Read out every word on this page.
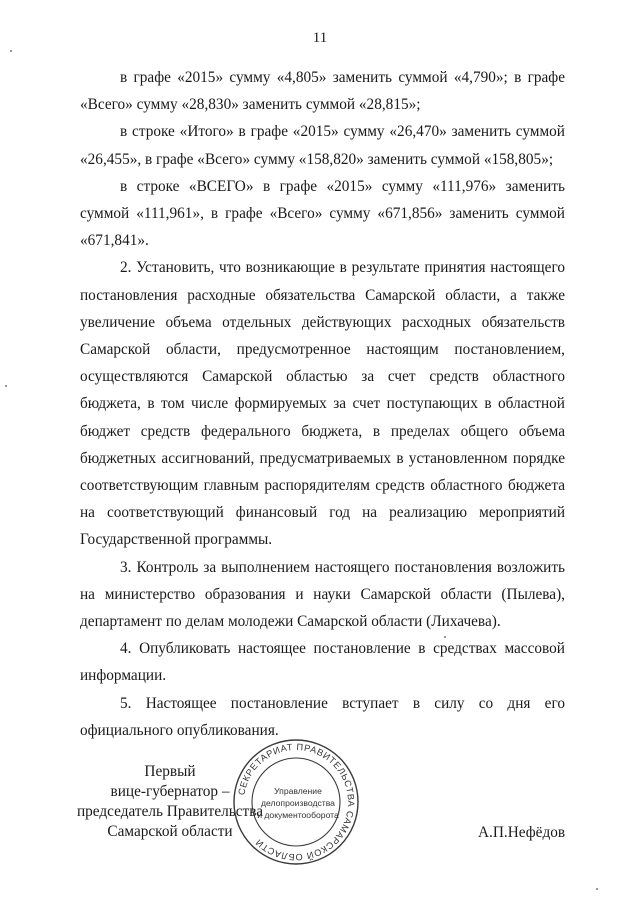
11

в графе «2015» сумму «4,805» заменить суммой «4,790»; в графе «Всего» сумму «28,830» заменить суммой «28,815»;

в строке «Итого» в графе «2015» сумму «26,470» заменить суммой «26,455», в графе «Всего» сумму «158,820» заменить суммой «158,805»;

в строке «ВСЕГО» в графе «2015» сумму «111,976» заменить суммой «111,961», в графе «Всего» сумму «671,856» заменить суммой «671,841».

2. Установить, что возникающие в результате принятия настоящего постановления расходные обязательства Самарской области, а также увеличение объема отдельных действующих расходных обязательств Самарской области, предусмотренное настоящим постановлением, осуществляются Самарской областью за счет средств областного бюджета, в том числе формируемых за счет поступающих в областной бюджет средств федерального бюджета, в пределах общего объема бюджетных ассигнований, предусматриваемых в установленном порядке соответствующим главным распорядителям средств областного бюджета на соответствующий финансовый год на реализацию мероприятий Государственной программы.

3. Контроль за выполнением настоящего постановления возложить на министерство образования и науки Самарской области (Пылева), департамент по делам молодежи Самарской области (Лихачева).

4. Опубликовать настоящее постановление в средствах массовой информации.

5. Настоящее постановление вступает в силу со дня его официального опубликования.

Первый
вице-губернатор –
председатель Правительства
Самарской области	А.П.Нефёдов
СЕКРЕТАРИАТ ПРАВИТЕЛЬСТВА САМАРСКОЙ ОБЛАСТИ
Управление
делопроизводства
и документооборота
